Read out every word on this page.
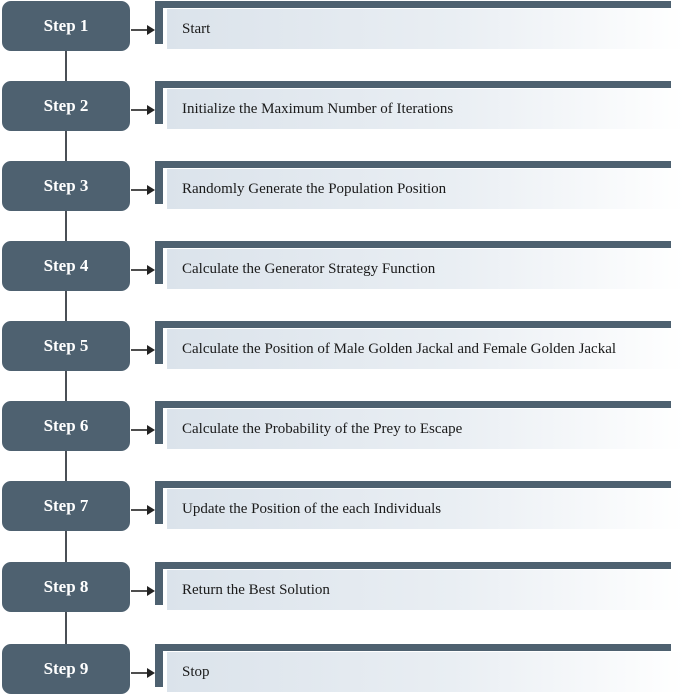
Step 1	Start
Step 2	Initialize the Maximum Number of Iterations
Step 3	Randomly Generate the Population Position
Step 4	Calculate the Generator Strategy Function
Step 5	Calculate the Position of Male Golden Jackal and Female Golden Jackal
Step 6	Calculate the Probability of the Prey to Escape
Step 7	Update the Position of the each Individuals
Step 8	Return the Best Solution
Step 9	Stop
